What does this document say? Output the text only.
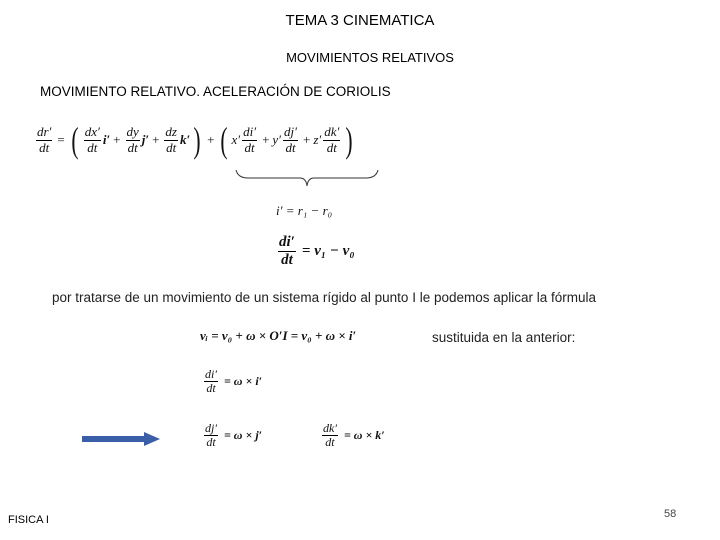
TEMA 3 CINEMATICA
MOVIMIENTOS RELATIVOS
MOVIMIENTO RELATIVO. ACELERACIÓN DE CORIOLIS
$\frac{dr'}{dt}$ = ( $\frac{dx'}{dt} i' + \frac{dy}{dt} j' + \frac{dz}{dt} k'$ ) + ( $x' \frac{di'}{dt} + y' \frac{dj'}{dt} + z' \frac{dk'}{dt}$ )
i′ = r₁ − r₀
$\frac{di'}{dt} = v_1 - v_0$
por tratarse de un movimiento de un sistema rígido al punto I le podemos aplicar la fórmula
vᵢ = v₀ + ω × O′I = v₀ + ω × i′	sustituida en la anterior:
$\frac{di'}{dt} = \omega \times i'$
$\frac{dj'}{dt} = \omega \times j'$	$\frac{dk'}{dt} = \omega \times k'$
FISICA I	58
